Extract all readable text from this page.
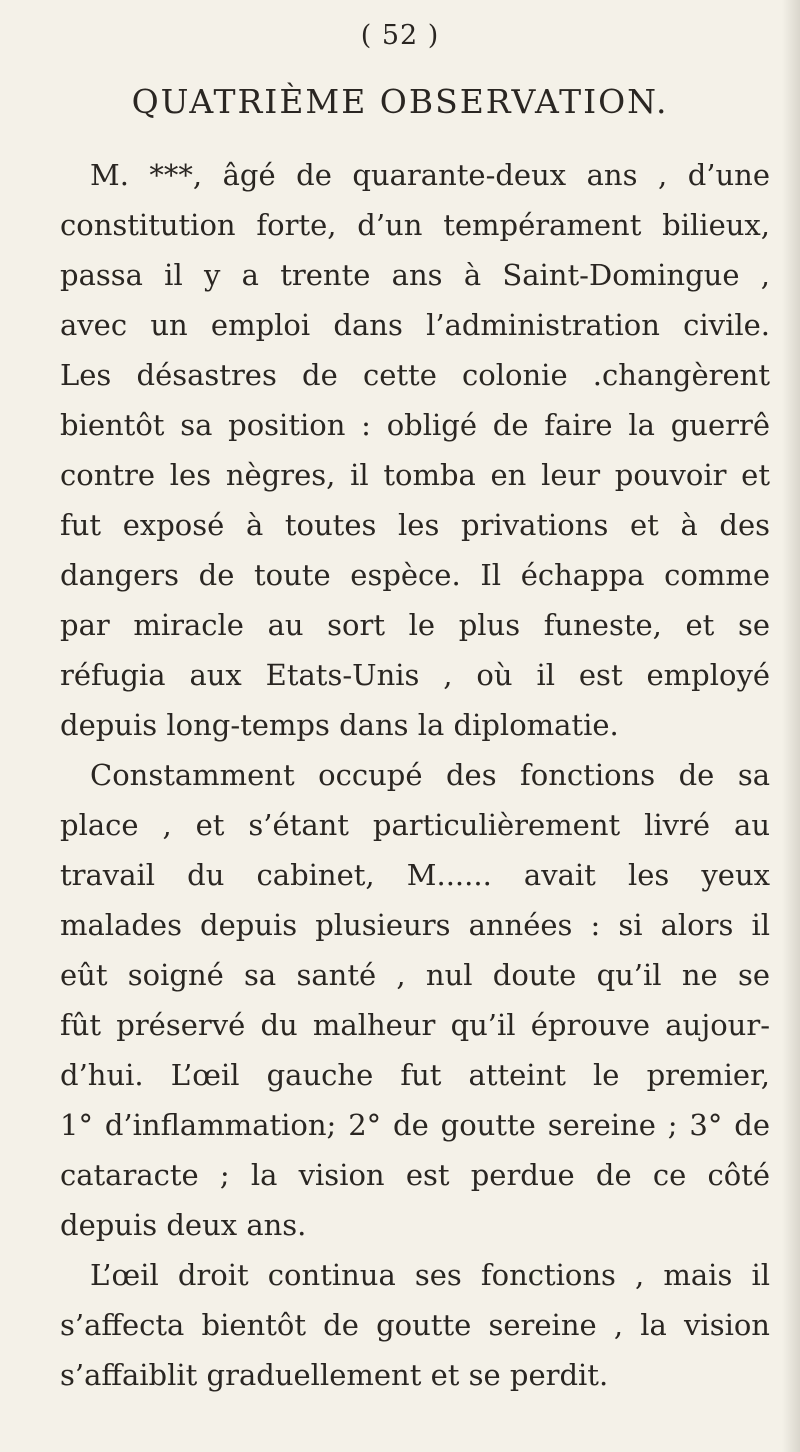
( 52 )
QUATRIÈME OBSERVATION.
M. ***, âgé de quarante-deux ans , d’une
constitution forte, d’un tempérament bilieux,
passa il y a trente ans à Saint-Domingue ,
avec un emploi dans l’administration civile.
Les désastres de cette colonie .changèrent
bientôt sa position : obligé de faire la guerrê
contre les nègres, il tomba en leur pouvoir et
fut exposé à toutes les privations et à des
dangers de toute espèce. Il échappa comme
par miracle au sort le plus funeste, et se
réfugia aux Etats-Unis , où il est employé
depuis long-temps dans la diplomatie.
Constamment occupé des fonctions de sa
place , et s’étant particulièrement livré au
travail du cabinet, M...... avait les yeux
malades depuis plusieurs années : si alors il
eût soigné sa santé , nul doute qu’il ne se
fût préservé du malheur qu’il éprouve aujour-
d’hui. L’œil gauche fut atteint le premier,
1° d’inflammation; 2° de goutte sereine ; 3° de
cataracte ; la vision est perdue de ce côté
depuis deux ans.
L’œil droit continua ses fonctions , mais il
s’affecta bientôt de goutte sereine , la vision
s’affaiblit graduellement et se perdit.
